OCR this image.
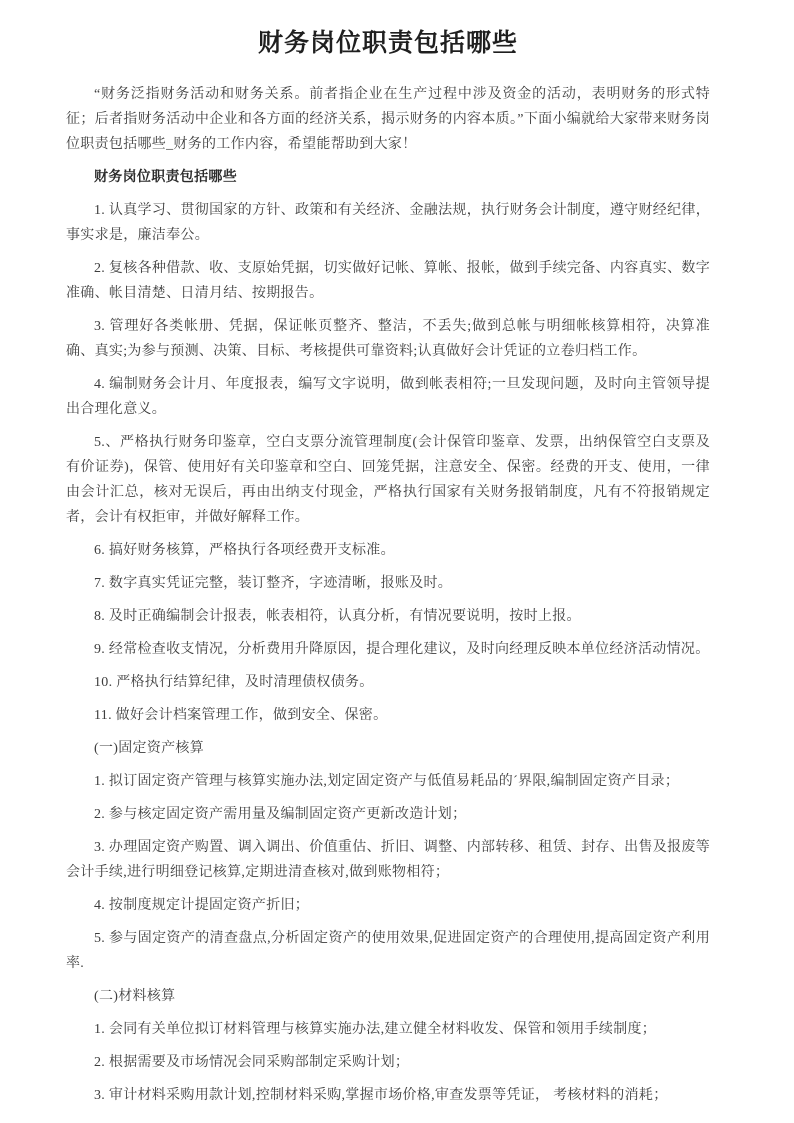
财务岗位职责包括哪些

“财务泛指财务活动和财务关系。前者指企业在生产过程中涉及资金的活动，表明财务的形式特征；后者指财务活动中企业和各方面的经济关系，揭示财务的内容本质。”下面小编就给大家带来财务岗位职责包括哪些_财务的工作内容，希望能帮助到大家！

财务岗位职责包括哪些

1. 认真学习、贯彻国家的方针、政策和有关经济、金融法规，执行财务会计制度，遵守财经纪律，事实求是，廉洁奉公。

2. 复核各种借款、收、支原始凭据，切实做好记帐、算帐、报帐，做到手续完备、内容真实、数字准确、帐目清楚、日清月结、按期报告。

3. 管理好各类帐册、凭据，保证帐页整齐、整洁，不丢失;做到总帐与明细帐核算相符，决算准确、真实;为参与预测、决策、目标、考核提供可靠资料;认真做好会计凭证的立卷归档工作。

4. 编制财务会计月、年度报表，编写文字说明，做到帐表相符;一旦发现问题，及时向主管领导提出合理化意义。

5.、严格执行财务印鉴章，空白支票分流管理制度(会计保管印鉴章、发票，出纳保管空白支票及有价证券)，保管、使用好有关印鉴章和空白、回笼凭据，注意安全、保密。经费的开支、使用，一律由会计汇总，核对无误后，再由出纳支付现金，严格执行国家有关财务报销制度，凡有不符报销规定者，会计有权拒审，并做好解释工作。

6. 搞好财务核算，严格执行各项经费开支标准。

7. 数字真实凭证完整，装订整齐，字迹清晰，报账及时。

8. 及时正确编制会计报表，帐表相符，认真分析，有情况要说明，按时上报。

9. 经常检查收支情况，分析费用升降原因，提合理化建议，及时向经理反映本单位经济活动情况。

10. 严格执行结算纪律，及时清理债权债务。

11. 做好会计档案管理工作，做到安全、保密。

(一)固定资产核算

1. 拟订固定资产管理与核算实施办法,划定固定资产与低值易耗品的ˊ界限,编制固定资产目录；

2. 参与核定固定资产需用量及编制固定资产更新改造计划；

3. 办理固定资产购置、调入调出、价值重估、折旧、调整、内部转移、租赁、封存、出售及报废等会计手续,进行明细登记核算,定期进清查核对,做到账物相符；

4. 按制度规定计提固定资产折旧；

5. 参与固定资产的清查盘点,分析固定资产的使用效果,促进固定资产的合理使用,提高固定资产利用率.

(二)材料核算

1. 会同有关单位拟订材料管理与核算实施办法,建立健全材料收发、保管和领用手续制度；

2. 根据需要及市场情况会同采购部制定采购计划；

3. 审计材料采购用款计划,控制材料采购,掌握市场价格,审查发票等凭证， 考核材料的消耗；
